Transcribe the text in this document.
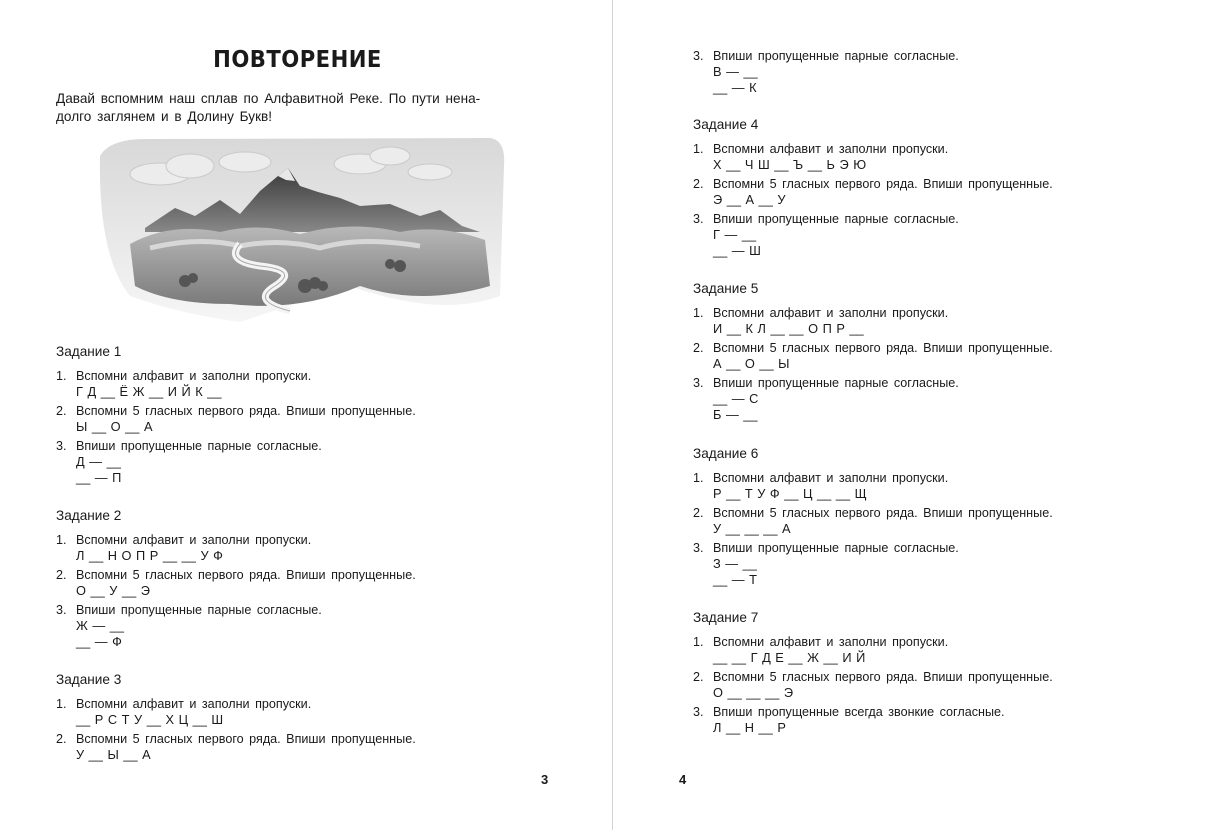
ПОВТОРЕНИЕ
Давай вспомним наш сплав по Алфавитной Реке. По пути нена-
долго заглянем и в Долину Букв!
Задание 1
1. Вспомни алфавит и заполни пропуски.
Г Д __ Ё Ж __ И Й К __
2. Вспомни 5 гласных первого ряда. Впиши пропущенные.
Ы __ О __ А
3. Впиши пропущенные парные согласные.
Д — __
__ — П
Задание 2
1. Вспомни алфавит и заполни пропуски.
Л __ Н О П Р __ __ У Ф
2. Вспомни 5 гласных первого ряда. Впиши пропущенные.
О __ У __ Э
3. Впиши пропущенные парные согласные.
Ж — __
__ — Ф
Задание 3
1. Вспомни алфавит и заполни пропуски.
__ Р С Т У __ Х Ц __ Ш
2. Вспомни 5 гласных первого ряда. Впиши пропущенные.
У __ Ы __ А
3
3. Впиши пропущенные парные согласные.
В — __
__ — К
Задание 4
1. Вспомни алфавит и заполни пропуски.
Х __ Ч Ш __ Ъ __ Ь Э Ю
2. Вспомни 5 гласных первого ряда. Впиши пропущенные.
Э __ А __ У
3. Впиши пропущенные парные согласные.
Г — __
__ — Ш
Задание 5
1. Вспомни алфавит и заполни пропуски.
И __ К Л __ __ О П Р __
2. Вспомни 5 гласных первого ряда. Впиши пропущенные.
А __ О __ Ы
3. Впиши пропущенные парные согласные.
__ — С
Б — __
Задание 6
1. Вспомни алфавит и заполни пропуски.
Р __ Т У Ф __ Ц __ __ Щ
2. Вспомни 5 гласных первого ряда. Впиши пропущенные.
У __ __ __ А
3. Впиши пропущенные парные согласные.
З — __
__ — Т
Задание 7
1. Вспомни алфавит и заполни пропуски.
__ __ Г Д Е __ Ж __ И Й
2. Вспомни 5 гласных первого ряда. Впиши пропущенные.
О __ __ __ Э
3. Впиши пропущенные всегда звонкие согласные.
Л __ Н __ Р
4
